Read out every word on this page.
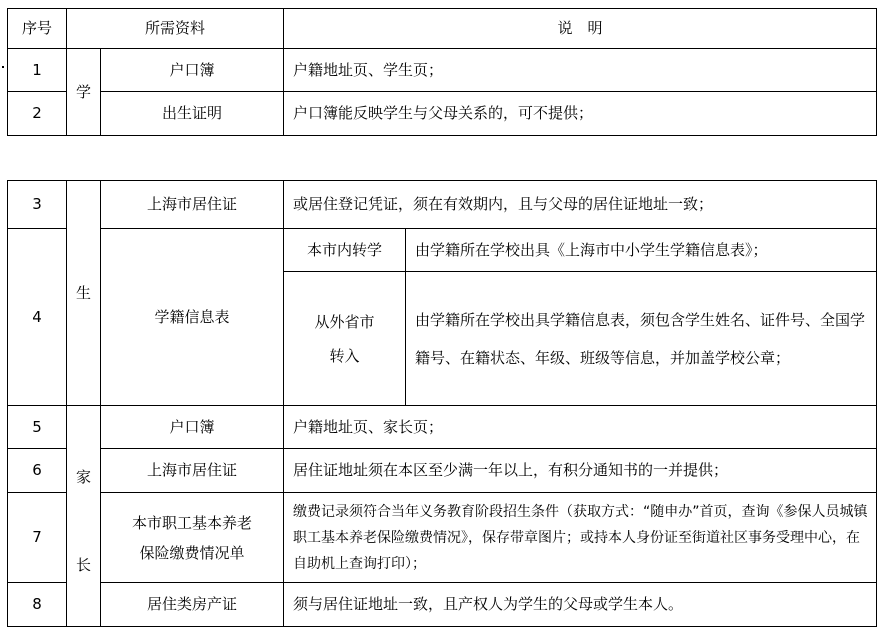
序号	所需资料		说　明
1	学	户口簿	户籍地址页、学生页；
2		出生证明	户口簿能反映学生与父母关系的，可不提供；
3	生	上海市居住证	或居住登记凭证，须在有效期内，且与父母的居住证地址一致；	
4		学籍信息表	本市内转学	由学籍所在学校出具《上海市中小学生学籍信息表》；

			从外省市
转入	由学籍所在学校出具学籍信息表，须包含学生姓名、证件号、全国学籍号、在籍状态、年级、班级等信息，并加盖学校公章；
5	家
长	户口簿	户籍地址页、家长页；	
6		上海市居住证	居住证地址须在本区至少满一年以上，有积分通知书的一并提供；	
7		本市职工基本养老
保险缴费情况单	缴费记录须符合当年义务教育阶段招生条件（获取方式：“随申办”首页，查询《参保人员城镇职工基本养老保险缴费情况》，保存带章图片；或持本人身份证至街道社区事务受理中心，在自助机上查询打印）；	
8		居住类房产证	须与居住证地址一致，且产权人为学生的父母或学生本人。	
